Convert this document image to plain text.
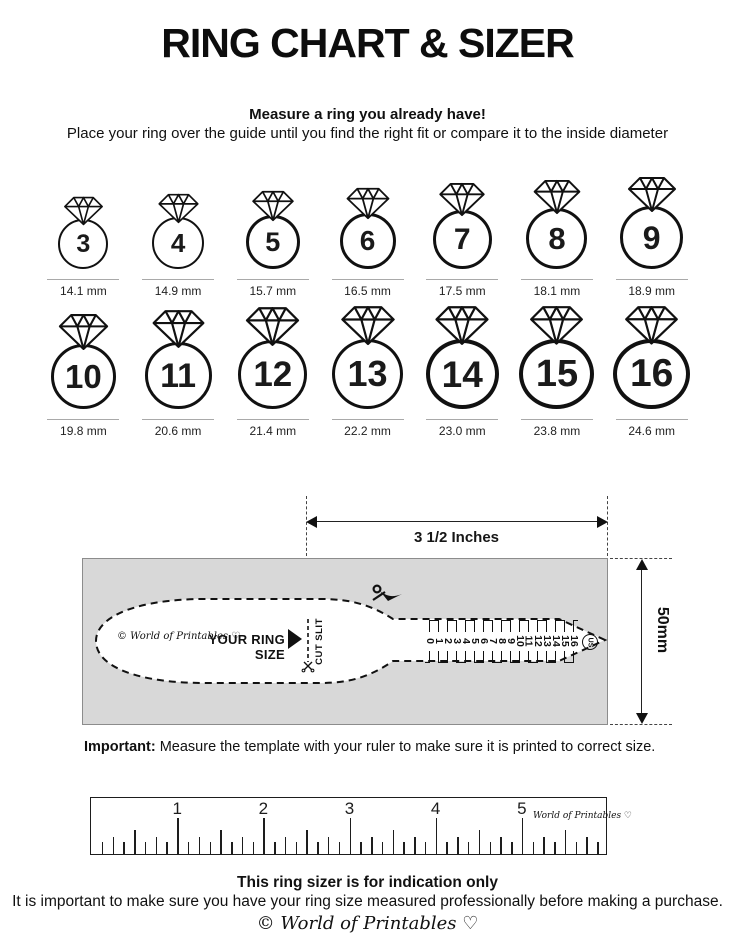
RING CHART & SIZER
Measure a ring you already have!
Place your ring over the guide until you find the right fit or compare it to the inside diameter
3
14.1 mm
4
14.9 mm
5
15.7 mm
6
16.5 mm
7
17.5 mm
8
18.1 mm
9
18.9 mm
10
19.8 mm
11
20.6 mm
12
21.4 mm
13
22.2 mm
14
23.0 mm
15
23.8 mm
16
24.6 mm
3 1/2 Inches
© World of Printables ♡
YOUR RING SIZE	CUT SLIT	0
1
2
3
4
5
6
7
8
9
10
11
12
13
14
15
16 US	50mm
Important: Measure the template with your ruler to make sure it is printed to correct size.
1	2	3	4	5 World of Printables ♡
This ring sizer is for indication only
It is important to make sure you have your ring size measured professionally before making a purchase.
© World of Printables ♡
